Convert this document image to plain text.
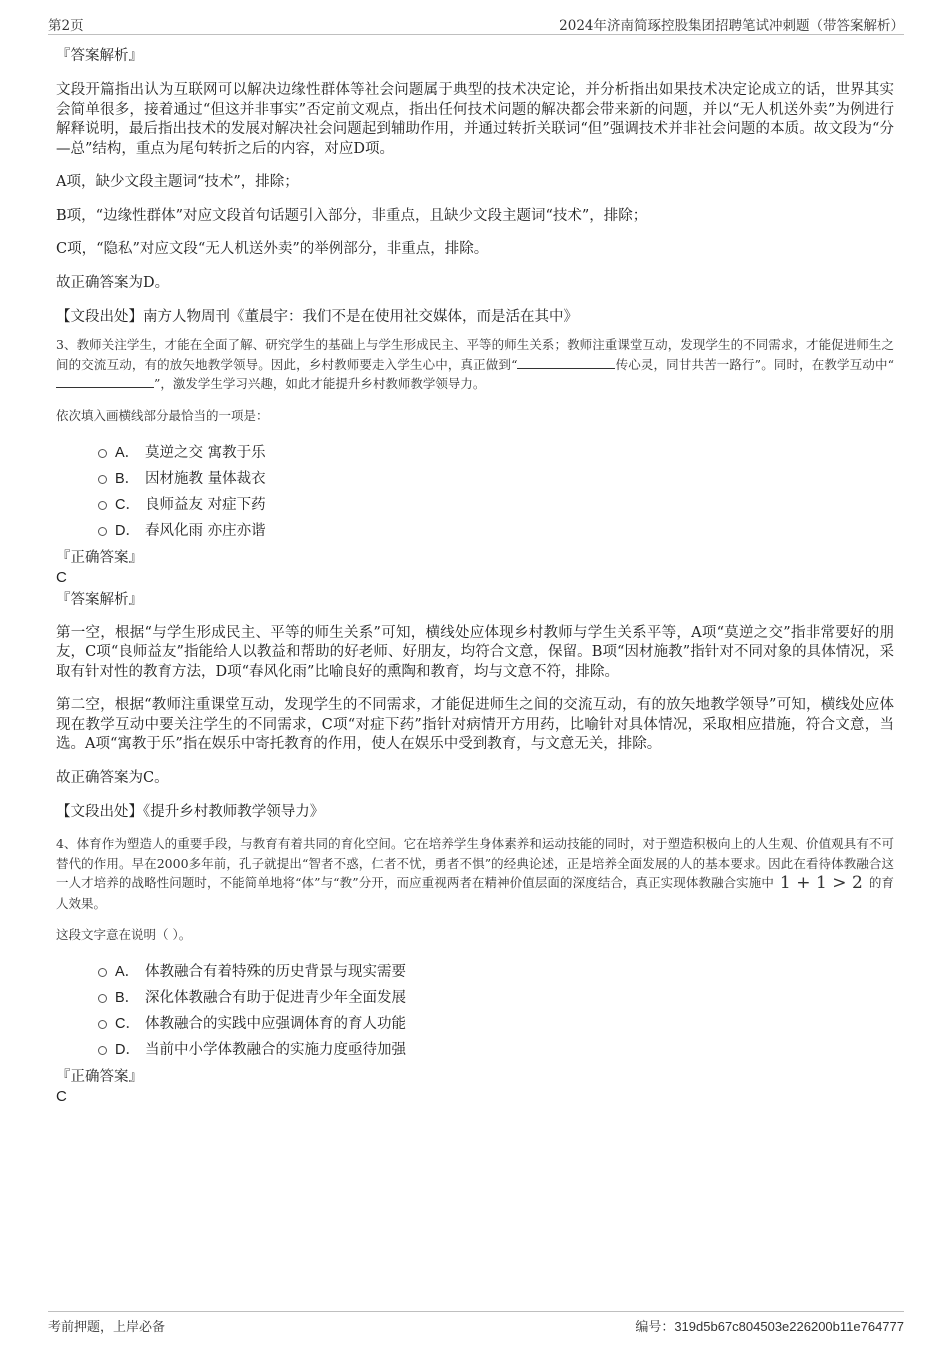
第2页	2024年济南简琢控股集团招聘笔试冲刺题（带答案解析）

『答案解析』

文段开篇指出认为互联网可以解决边缘性群体等社会问题属于典型的技术决定论，并分析指出如果技术决定论成立的话，世界其实会简单很多，接着通过“但这并非事实”否定前文观点，指出任何技术问题的解决都会带来新的问题，并以“无人机送外卖”为例进行解释说明，最后指出技术的发展对解决社会问题起到辅助作用，并通过转折关联词“但”强调技术并非社会问题的本质。故文段为“分—总”结构，重点为尾句转折之后的内容，对应D项。

A项，缺少文段主题词“技术”，排除；

B项，“边缘性群体”对应文段首句话题引入部分，非重点，且缺少文段主题词“技术”，排除；

C项，“隐私”对应文段“无人机送外卖”的举例部分，非重点，排除。

故正确答案为D。

【文段出处】南方人物周刊《董晨宇：我们不是在使用社交媒体，而是活在其中》

3、教师关注学生，才能在全面了解、研究学生的基础上与学生形成民主、平等的师生关系；教师注重课堂互动，发现学生的不同需求，才能促进师生之间的交流互动，有的放矢地教学领导。因此，乡村教师要走入学生心中，真正做到“	传心灵，同甘共苦一路行”。同时，在教学互动中“”，激发学生学习兴趣，如此才能提升乡村教师教学领导力。

依次填入画横线部分最恰当的一项是：

A． 莫逆之交 寓教于乐
B． 因材施教 量体裁衣
C． 良师益友 对症下药
D． 春风化雨 亦庄亦谐

『正确答案』

C

『答案解析』

第一空，根据“与学生形成民主、平等的师生关系”可知，横线处应体现乡村教师与学生关系平等，A项“莫逆之交”指非常要好的朋友，C项“良师益友”指能给人以教益和帮助的好老师、好朋友，均符合文意，保留。B项“因材施教”指针对不同对象的具体情况，采取有针对性的教育方法，D项“春风化雨”比喻良好的熏陶和教育，均与文意不符，排除。

第二空，根据“教师注重课堂互动，发现学生的不同需求，才能促进师生之间的交流互动，有的放矢地教学领导”可知，横线处应体现在教学互动中要关注学生的不同需求，C项“对症下药”指针对病情开方用药，比喻针对具体情况，采取相应措施，符合文意，当选。A项“寓教于乐”指在娱乐中寄托教育的作用，使人在娱乐中受到教育，与文意无关，排除。

故正确答案为C。

【文段出处】《提升乡村教师教学领导力》

4、体育作为塑造人的重要手段，与教育有着共同的育化空间。它在培养学生身体素养和运动技能的同时，对于塑造积极向上的人生观、价值观具有不可替代的作用。早在2000多年前，孔子就提出“智者不惑，仁者不忧，勇者不惧”的经典论述，正是培养全面发展的人的基本要求。因此在看待体教融合这一人才培养的战略性问题时，不能简单地将“体”与“教”分开，而应重视两者在精神价值层面的深度结合，真正实现体教融合实施中 1 + 1 > 2 的育人效果。

这段文字意在说明（ ）。

A． 体教融合有着特殊的历史背景与现实需要
B． 深化体教融合有助于促进青少年全面发展
C． 体教融合的实践中应强调体育的育人功能
D． 当前中小学体教融合的实施力度亟待加强

『正确答案』

C

考前押题，上岸必备	编号：319d5b67c804503e226200b11e764777
